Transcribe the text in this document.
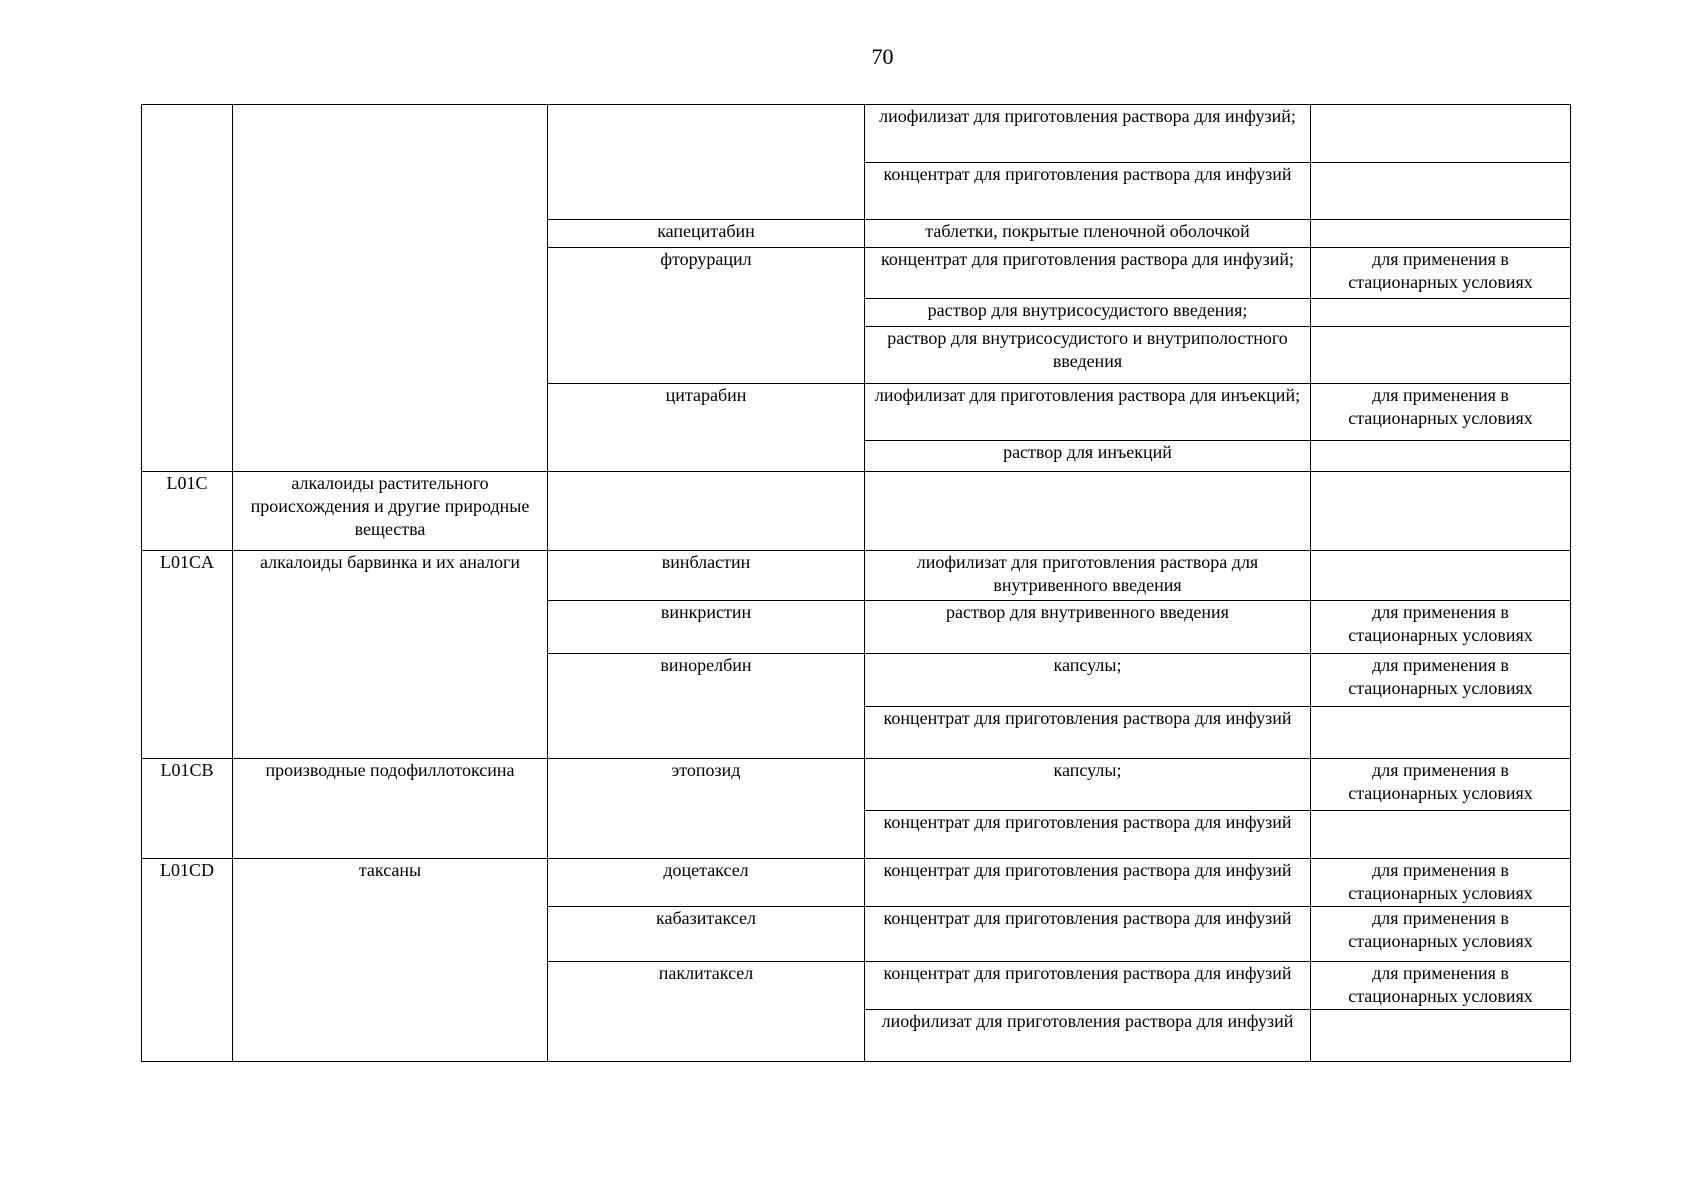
70
			лиофилизат для приготовления раствора для инфузий;	
			концентрат для приготовления раствора для инфузий	
		капецитабин	таблетки, покрытые пленочной оболочкой	
		фторурацил	концентрат для приготовления раствора для инфузий;	для применения в стационарных условиях
			раствор для внутрисосудистого введения;	
			раствор для внутрисосудистого и внутриполостного введения	
		цитарабин	лиофилизат для приготовления раствора для инъекций;	для применения в стационарных условиях
			раствор для инъекций	
L01C	алкалоиды растительного происхождения и другие природные вещества			
L01CA	алкалоиды барвинка и их аналоги	винбластин	лиофилизат для приготовления раствора для внутривенного введения	
		винкристин	раствор для внутривенного введения	для применения в стационарных условиях
		винорелбин	капсулы;	для применения в стационарных условиях
			концентрат для приготовления раствора для инфузий	
L01CB	производные подофиллотоксина	этопозид	капсулы;	для применения в стационарных условиях
			концентрат для приготовления раствора для инфузий	
L01CD	таксаны	доцетаксел	концентрат для приготовления раствора для инфузий	для применения в стационарных условиях
		кабазитаксел	концентрат для приготовления раствора для инфузий	для применения в стационарных условиях
		паклитаксел	концентрат для приготовления раствора для инфузий	для применения в стационарных условиях
			лиофилизат для приготовления раствора для инфузий	
